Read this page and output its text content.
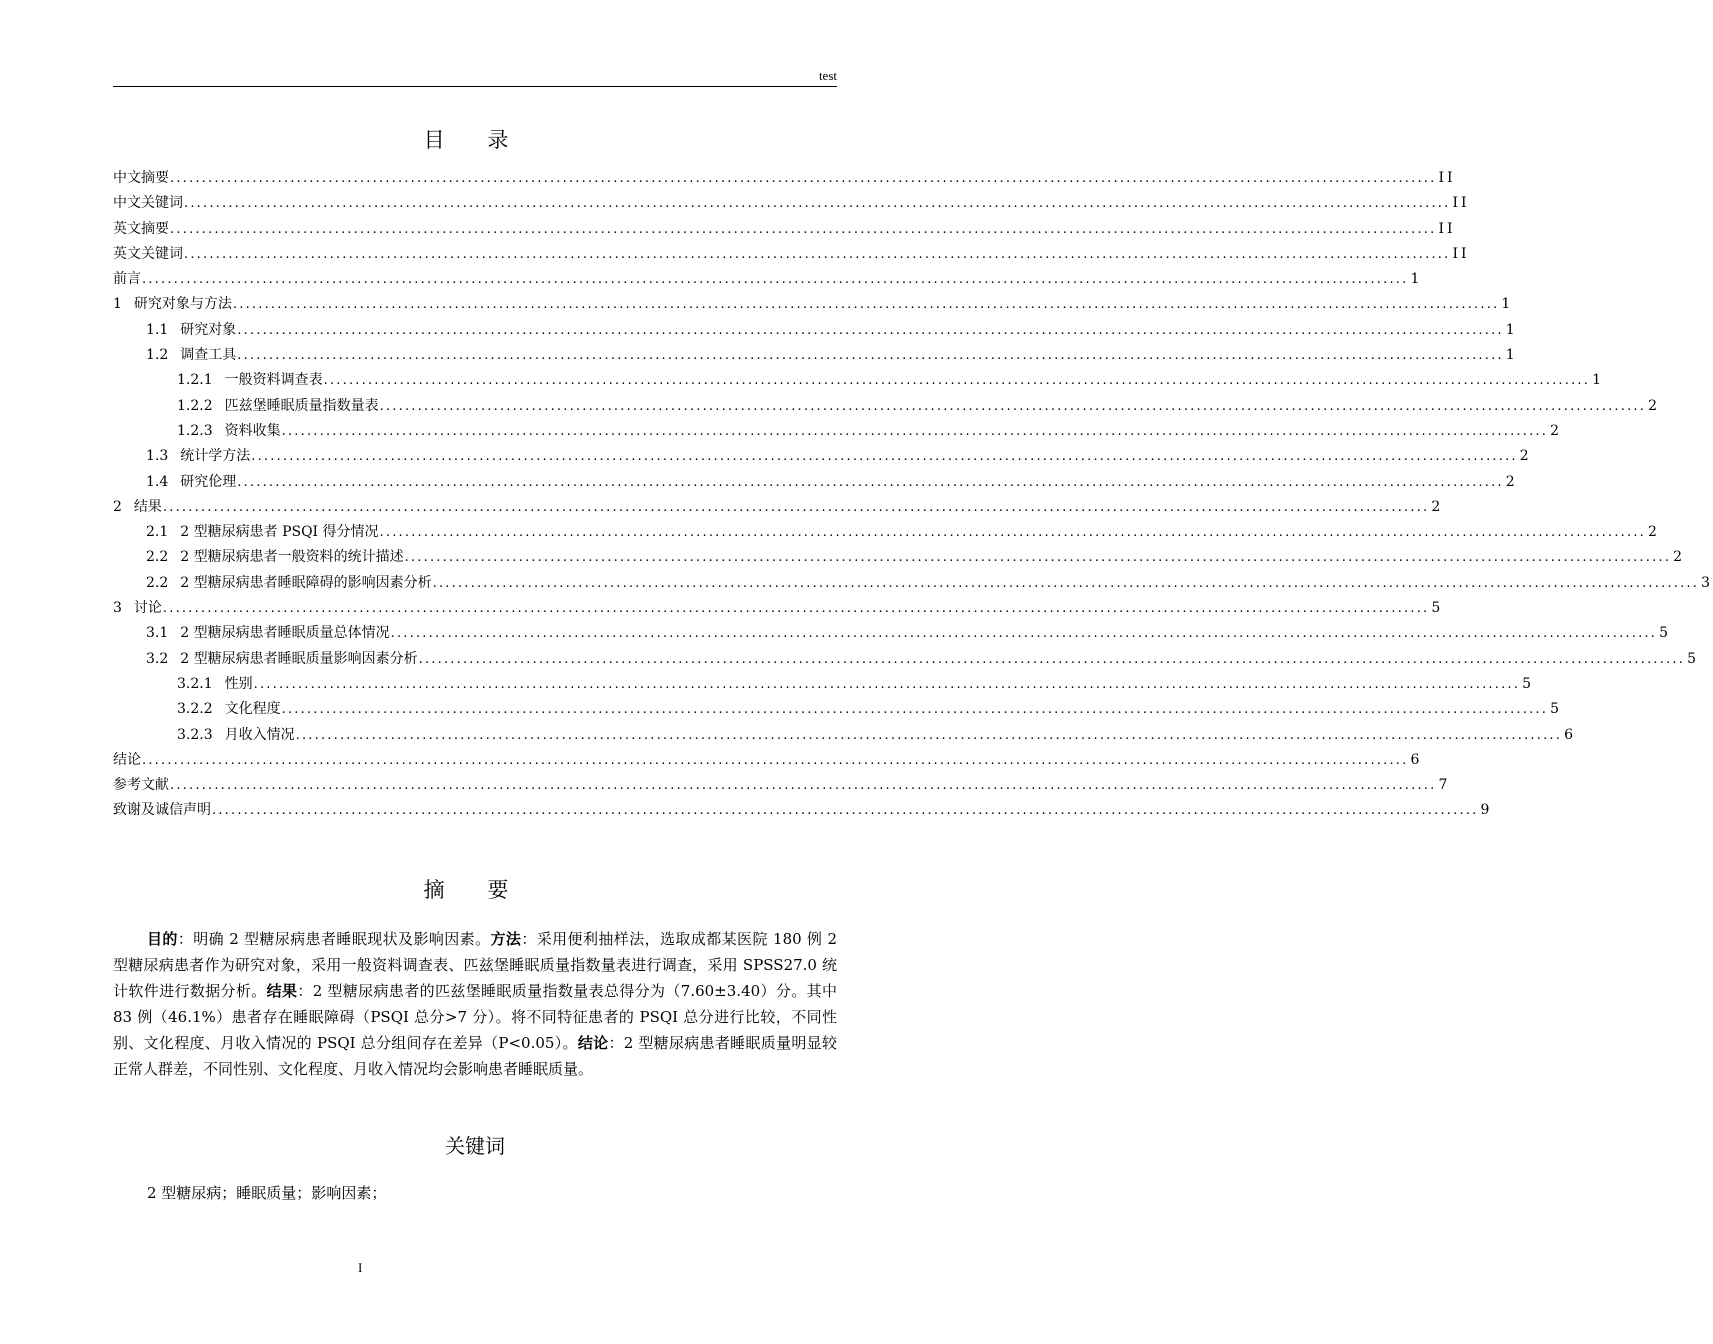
test
目 录
中文摘要 ........................................................................................................................................................................................................ II
中文关键词 ........................................................................................................................................................................................................ II
英文摘要 ........................................................................................................................................................................................................ II
英文关键词 ........................................................................................................................................................................................................ II
前言 ........................................................................................................................................................................................................ 1
1 研究对象与方法 ........................................................................................................................................................................................................ 1
1.1 研究对象 ........................................................................................................................................................................................................ 1
1.2 调查工具 ........................................................................................................................................................................................................ 1
1.2.1 一般资料调查表 ........................................................................................................................................................................................................ 1
1.2.2 匹兹堡睡眠质量指数量表 ........................................................................................................................................................................................................ 2
1.2.3 资料收集 ........................................................................................................................................................................................................ 2
1.3 统计学方法 ........................................................................................................................................................................................................ 2
1.4 研究伦理 ........................................................................................................................................................................................................ 2
2 结果 ........................................................................................................................................................................................................ 2
2.1 2 型糖尿病患者 PSQI 得分情况 ........................................................................................................................................................................................................ 2
2.2 2 型糖尿病患者一般资料的统计描述 ........................................................................................................................................................................................................ 2
2.2 2 型糖尿病患者睡眠障碍的影响因素分析 ........................................................................................................................................................................................................ 3
3 讨论 ........................................................................................................................................................................................................ 5
3.1 2 型糖尿病患者睡眠质量总体情况 ........................................................................................................................................................................................................ 5
3.2 2 型糖尿病患者睡眠质量影响因素分析 ........................................................................................................................................................................................................ 5
3.2.1 性别 ........................................................................................................................................................................................................ 5
3.2.2 文化程度 ........................................................................................................................................................................................................ 5
3.2.3 月收入情况 ........................................................................................................................................................................................................ 6
结论 ........................................................................................................................................................................................................ 6
参考文献 ........................................................................................................................................................................................................ 7
致谢及诚信声明 ........................................................................................................................................................................................................ 9
摘 要
目的：明确 2 型糖尿病患者睡眠现状及影响因素。方法：采用便利抽样法，选取成都某医院 180 例 2 型糖尿病患者作为研究对象，采用一般资料调查表、匹兹堡睡眠质量指数量表进行调查，采用 SPSS27.0 统计软件进行数据分析。结果：2 型糖尿病患者的匹兹堡睡眠质量指数量表总得分为（7.60±3.40）分。其中 83 例（46.1%）患者存在睡眠障碍（PSQI 总分>7 分）。将不同特征患者的 PSQI 总分进行比较，不同性别、文化程度、月收入情况的 PSQI 总分组间存在差异（P<0.05）。结论：2 型糖尿病患者睡眠质量明显较正常人群差，不同性别、文化程度、月收入情况均会影响患者睡眠质量。
关键词
2 型糖尿病；睡眠质量；影响因素；
I
